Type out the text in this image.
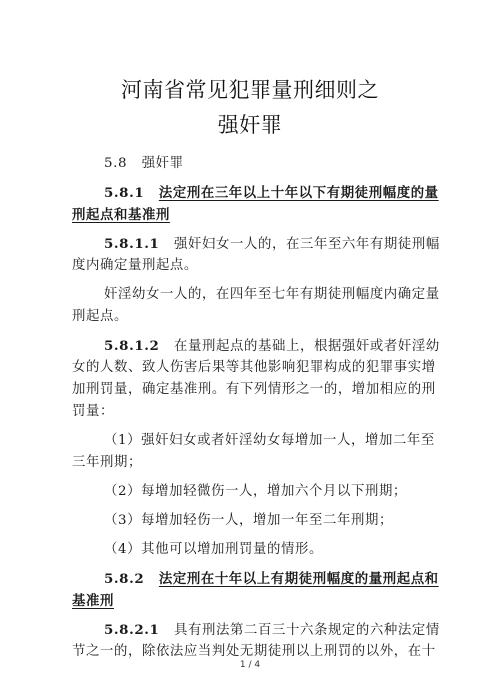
河南省常见犯罪量刑细则之
强奸罪
5.8 强奸罪
5.8.1 法定刑在三年以上十年以下有期徒刑幅度的量
刑起点和基准刑
5.8.1.1 强奸妇女一人的，在三年至六年有期徒刑幅
度内确定量刑起点。
奸淫幼女一人的，在四年至七年有期徒刑幅度内确定量
刑起点。
5.8.1.2 在量刑起点的基础上，根据强奸或者奸淫幼
女的人数、致人伤害后果等其他影响犯罪构成的犯罪事实增
加刑罚量，确定基准刑。有下列情形之一的，增加相应的刑
罚量：
（1）强奸妇女或者奸淫幼女每增加一人，增加二年至
三年刑期；
（2）每增加轻微伤一人，增加六个月以下刑期；
（3）每增加轻伤一人，增加一年至二年刑期；
（4）其他可以增加刑罚量的情形。
5.8.2 法定刑在十年以上有期徒刑幅度的量刑起点和
基准刑
5.8.2.1 具有刑法第二百三十六条规定的六种法定情
节之一的，除依法应当判处无期徒刑以上刑罚的以外，在十
1 / 4
